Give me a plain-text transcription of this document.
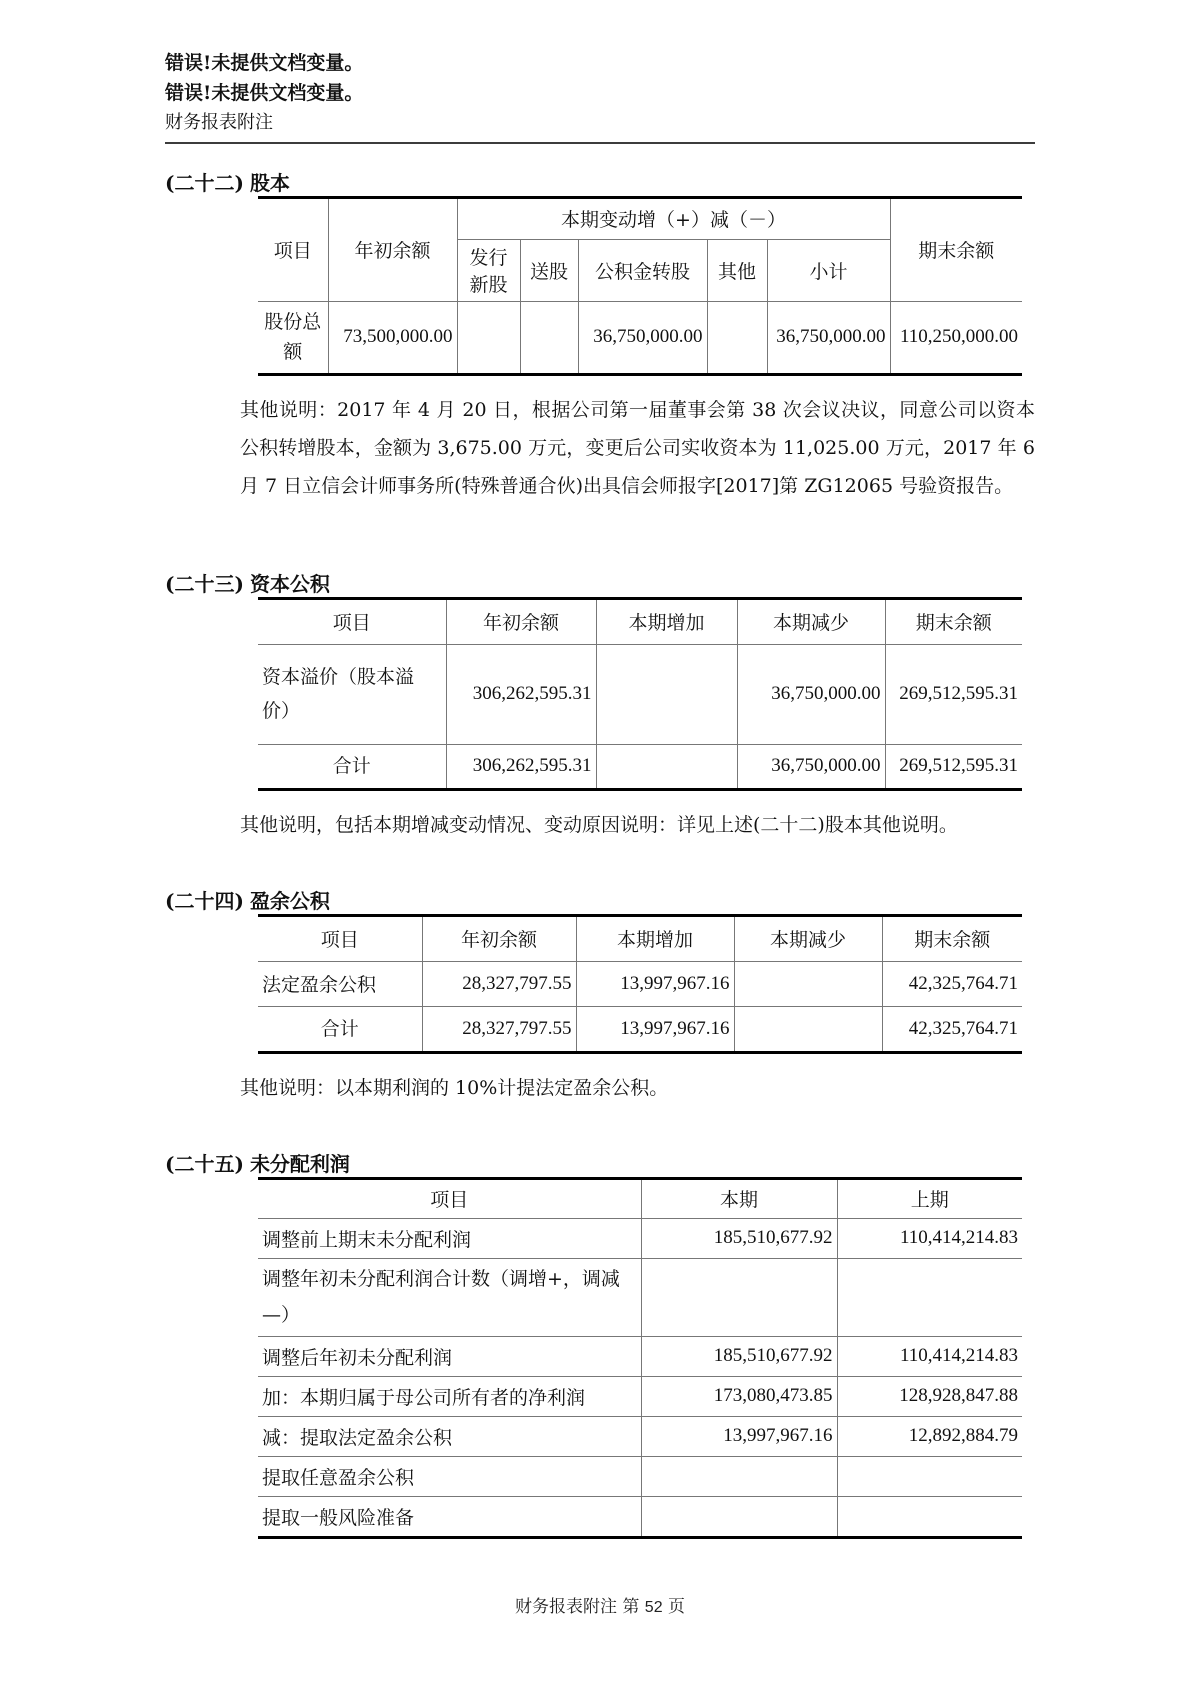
错误!未提供文档变量。
错误!未提供文档变量。
财务报表附注
(二十二) 股本
项目	年初余额	本期变动增（+）减（－）					期末余额
		发行新股	送股	公积金转股	其他	小计	
股份总额	73,500,000.00			36,750,000.00		36,750,000.00	110,250,000.00

其他说明：2017 年 4 月 20 日，根据公司第一届董事会第 38 次会议决议，同意公司以资本公积转增股本，金额为 3,675.00 万元，变更后公司实收资本为 11,025.00 万元，2017 年 6 月 7 日立信会计师事务所(特殊普通合伙)出具信会师报字[2017]第 ZG12065 号验资报告。

(二十三) 资本公积
项目	年初余额	本期增加	本期减少	期末余额
资本溢价（股本溢价）	306,262,595.31		36,750,000.00	269,512,595.31
合计	306,262,595.31		36,750,000.00	269,512,595.31

其他说明，包括本期增减变动情况、变动原因说明：详见上述(二十二)股本其他说明。

(二十四) 盈余公积
项目	年初余额	本期增加	本期减少	期末余额
法定盈余公积	28,327,797.55	13,997,967.16		42,325,764.71
合计	28,327,797.55	13,997,967.16		42,325,764.71

其他说明：以本期利润的 10%计提法定盈余公积。

(二十五) 未分配利润
项目	本期	上期
调整前上期末未分配利润	185,510,677.92	110,414,214.83
调整年初未分配利润合计数（调增+，调减—）		
调整后年初未分配利润	185,510,677.92	110,414,214.83
加：本期归属于母公司所有者的净利润	173,080,473.85	128,928,847.88
减：提取法定盈余公积	13,997,967.16	12,892,884.79
提取任意盈余公积		
提取一般风险准备		
财务报表附注 第 52 页
